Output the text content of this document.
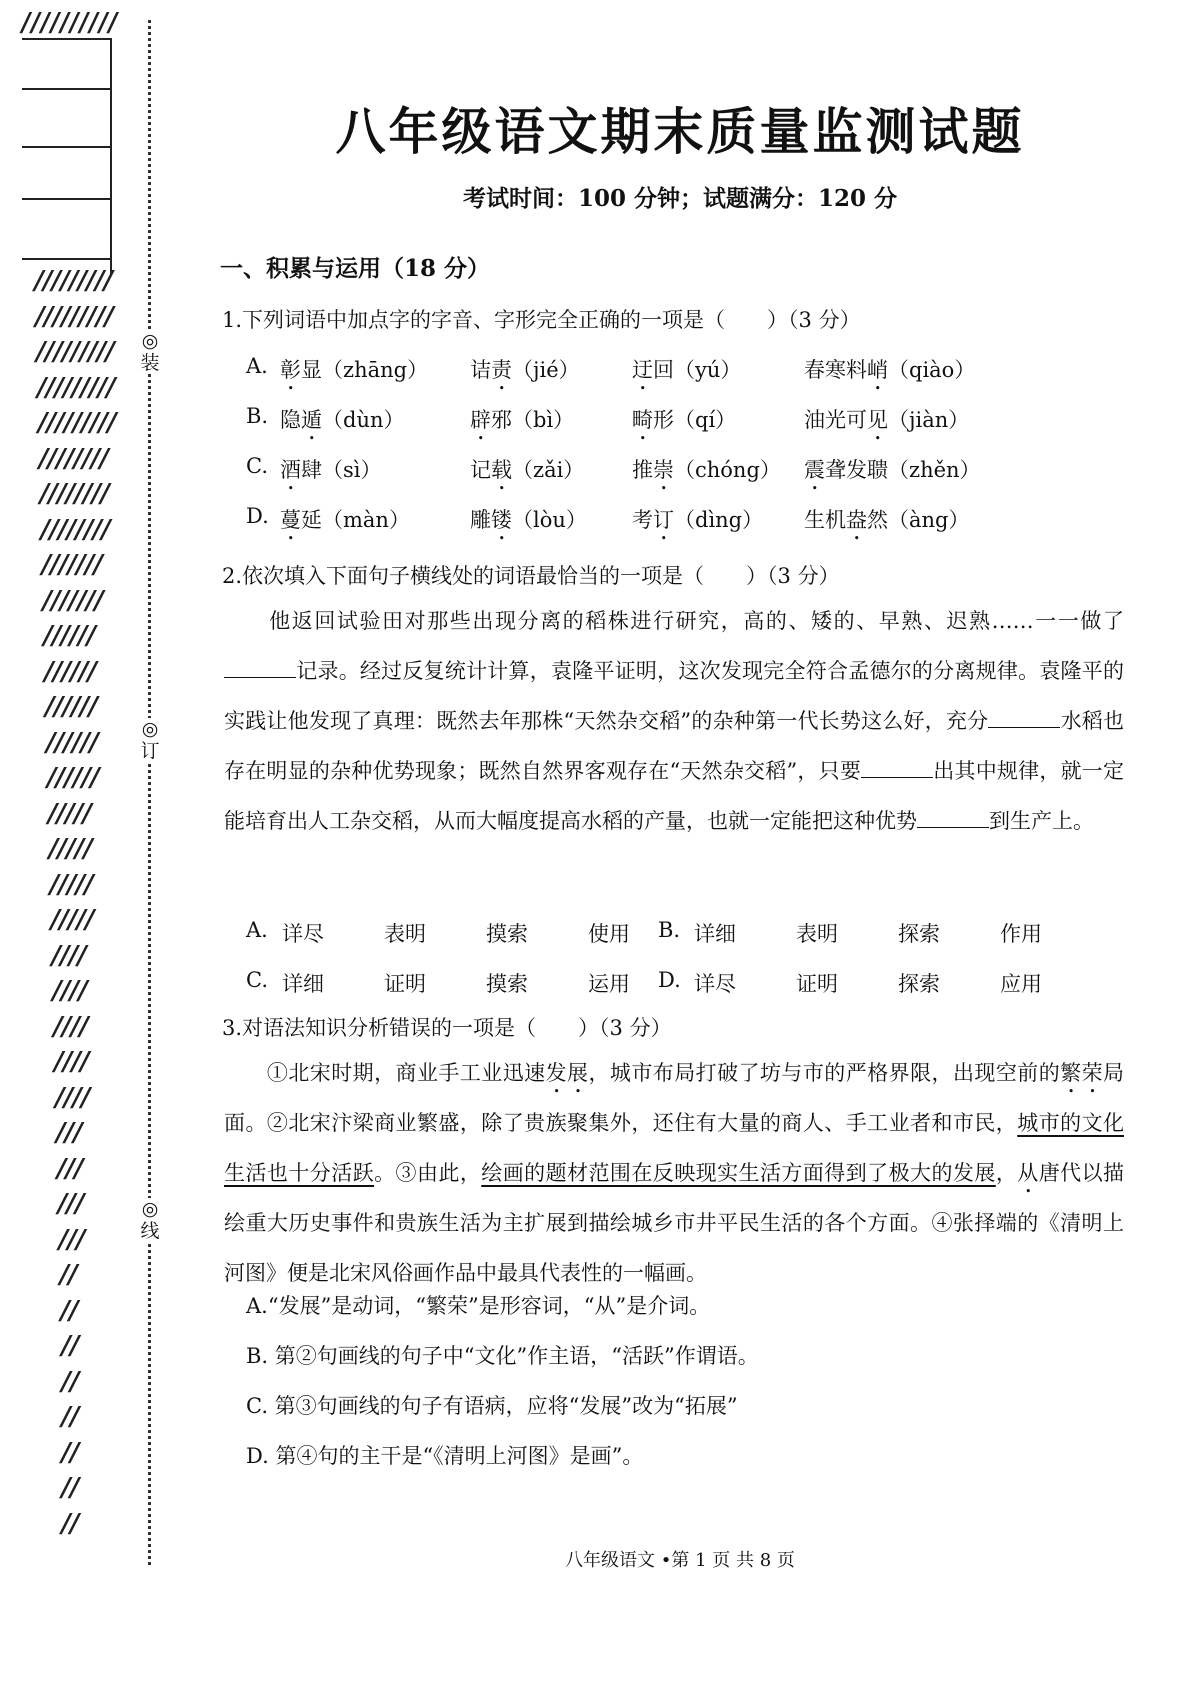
//////////
/////////
/////////
/////////
/////////
/////////
////////
////////
////////
///////
///////
//////
//////
//////
//////
//////
/////
/////
/////
/////
////
////
////
////
////
///
///
///
///
//
//
//
//
//
//
//
//
◎装
◎订
◎线
八年级语文期末质量监测试题
考试时间：100 分钟；试题满分：120 分
一、积累与运用（18 分）
1.下列词语中加点字的字音、字形完全正确的一项是（　　）（3 分）
A. 彰显（zhāng） 诘责（jié） 迂回（yú）	春寒料峭（qiào）
B. 隐遁（dùn）	辟邪（bì）	畸形（qí）	油光可见（jiàn）
C. 酒肆（sì）	记载（zǎi） 推崇（chóng） 震聋发聩（zhěn）
D. 蔓延（màn）	雕镂（lòu） 考订（dìng） 生机盎然（àng）
2.依次填入下面句子横线处的词语最恰当的一项是（　　）（3 分）

　　他返回试验田对那些出现分离的稻株进行研究，高的、矮的、早熟、迟熟……一一做了记录。经过反复统计计算，袁隆平证明，这次发现完全符合孟德尔的分离规律。袁隆平的实践让他发现了真理：既然去年那株“天然杂交稻”的杂种第一代长势这么好，充分	水稻也存在明显的杂种优势现象；既然自然界客观存在“天然杂交稻”，只要	出其中规律，就一定能培育出人工杂交稻，从而大幅度提高水稻的产量，也就一定能把这种优势	到生产上。

A. 详尽	表明	摸索	使用 B. 详细	表明	探索	作用
C. 详细	证明	摸索	运用 D. 详尽	证明	探索	应用
3.对语法知识分析错误的一项是（　　）（3 分）

　　①北宋时期，商业手工业迅速发展，城市布局打破了坊与市的严格界限，出现空前的繁荣局面。②北宋汴梁商业繁盛，除了贵族聚集外，还住有大量的商人、手工业者和市民，城市的文化生活也十分活跃。③由此，绘画的题材范围在反映现实生活方面得到了极大的发展，从唐代以描绘重大历史事件和贵族生活为主扩展到描绘城乡市井平民生活的各个方面。④张择端的《清明上河图》便是北宋风俗画作品中最具代表性的一幅画。

A.“发展”是动词，“繁荣”是形容词，“从”是介词。
B. 第②句画线的句子中“文化”作主语，“活跃”作谓语。
C. 第③句画线的句子有语病，应将“发展”改为“拓展”
D. 第④句的主干是“《清明上河图》是画”。
八年级语文 •第 1 页 共 8 页
